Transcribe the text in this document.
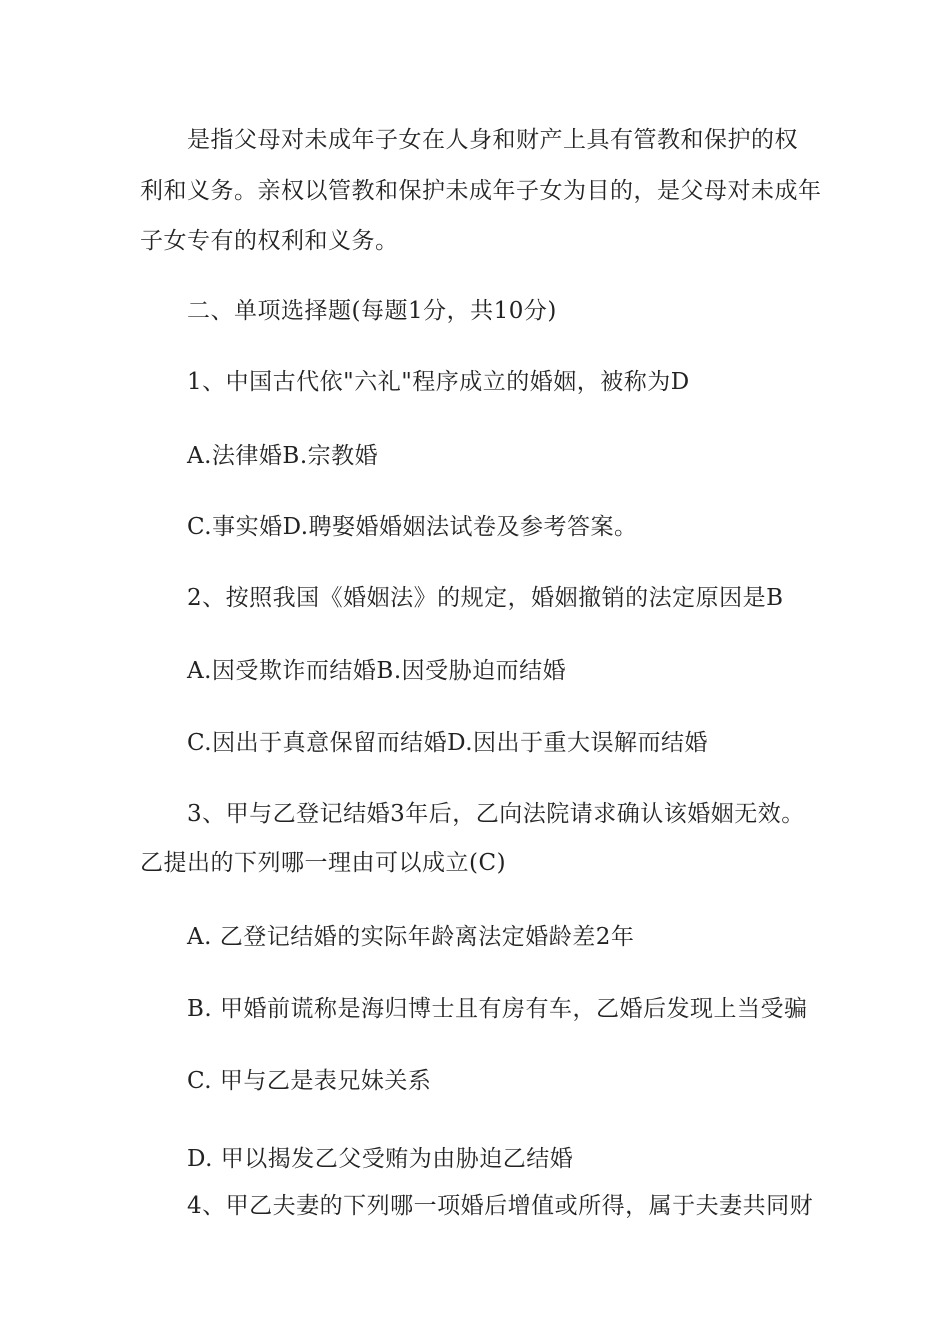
是指父母对未成年子女在人身和财产上具有管教和保护的权
利和义务。亲权以管教和保护未成年子女为目的，是父母对未成年
子女专有的权利和义务。
二、单项选择题(每题1分，共10分)
1、中国古代依"六礼"程序成立的婚姻，被称为D
A.法律婚B.宗教婚
C.事实婚D.聘娶婚婚姻法试卷及参考答案。
2、按照我国《婚姻法》的规定，婚姻撤销的法定原因是B
A.因受欺诈而结婚B.因受胁迫而结婚
C.因出于真意保留而结婚D.因出于重大误解而结婚
3、甲与乙登记结婚3年后，乙向法院请求确认该婚姻无效。
乙提出的下列哪一理由可以成立(C)
A. 乙登记结婚的实际年龄离法定婚龄差2年
B. 甲婚前谎称是海归博士且有房有车，乙婚后发现上当受骗
C. 甲与乙是表兄妹关系
D. 甲以揭发乙父受贿为由胁迫乙结婚
4、甲乙夫妻的下列哪一项婚后增值或所得，属于夫妻共同财
